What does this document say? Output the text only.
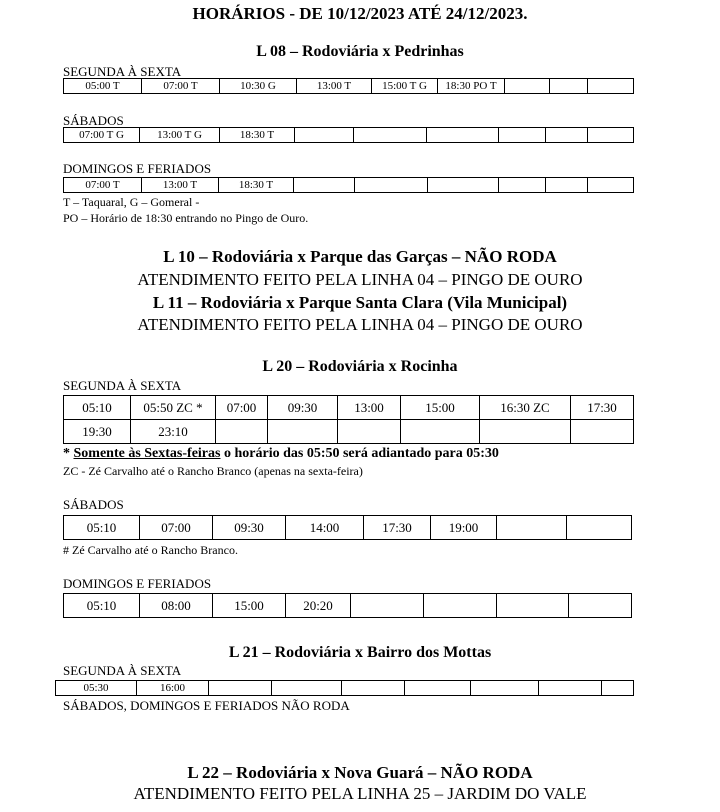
HORÁRIOS - DE 10/12/2023 ATÉ 24/12/2023.
L 08 – Rodoviária x Pedrinhas
SEGUNDA À SEXTA
05:00 T	07:00 T	10:30 G	13:00 T	15:00 T G	18:30 PO T			
SÁBADOS
07:00 T G	13:00 T G	18:30 T						
DOMINGOS E FERIADOS
07:00 T	13:00 T	18:30 T						
T – Taquaral, G – Gomeral -
PO – Horário de 18:30 entrando no Pingo de Ouro.
L 10 – Rodoviária x Parque das Garças – NÃO RODA
ATENDIMENTO FEITO PELA LINHA 04 – PINGO DE OURO
L 11 – Rodoviária x Parque Santa Clara (Vila Municipal)
ATENDIMENTO FEITO PELA LINHA 04 – PINGO DE OURO
L 20 – Rodoviária x Rocinha
SEGUNDA À SEXTA
05:10	05:50 ZC *	07:00	09:30	13:00	15:00	16:30 ZC	17:30
19:30	23:10						
* Somente às Sextas-feiras o horário das 05:50 será adiantado para 05:30
ZC - Zé Carvalho até o Rancho Branco (apenas na sexta-feira)
SÁBADOS
05:10	07:00	09:30	14:00	17:30	19:00		
# Zé Carvalho até o Rancho Branco.
DOMINGOS E FERIADOS
05:10	08:00	15:00	20:20				
L 21 – Rodoviária x Bairro dos Mottas
SEGUNDA À SEXTA
05:30	16:00							
SÁBADOS, DOMINGOS E FERIADOS NÃO RODA
L 22 – Rodoviária x Nova Guará – NÃO RODA
ATENDIMENTO FEITO PELA LINHA 25 – JARDIM DO VALE
